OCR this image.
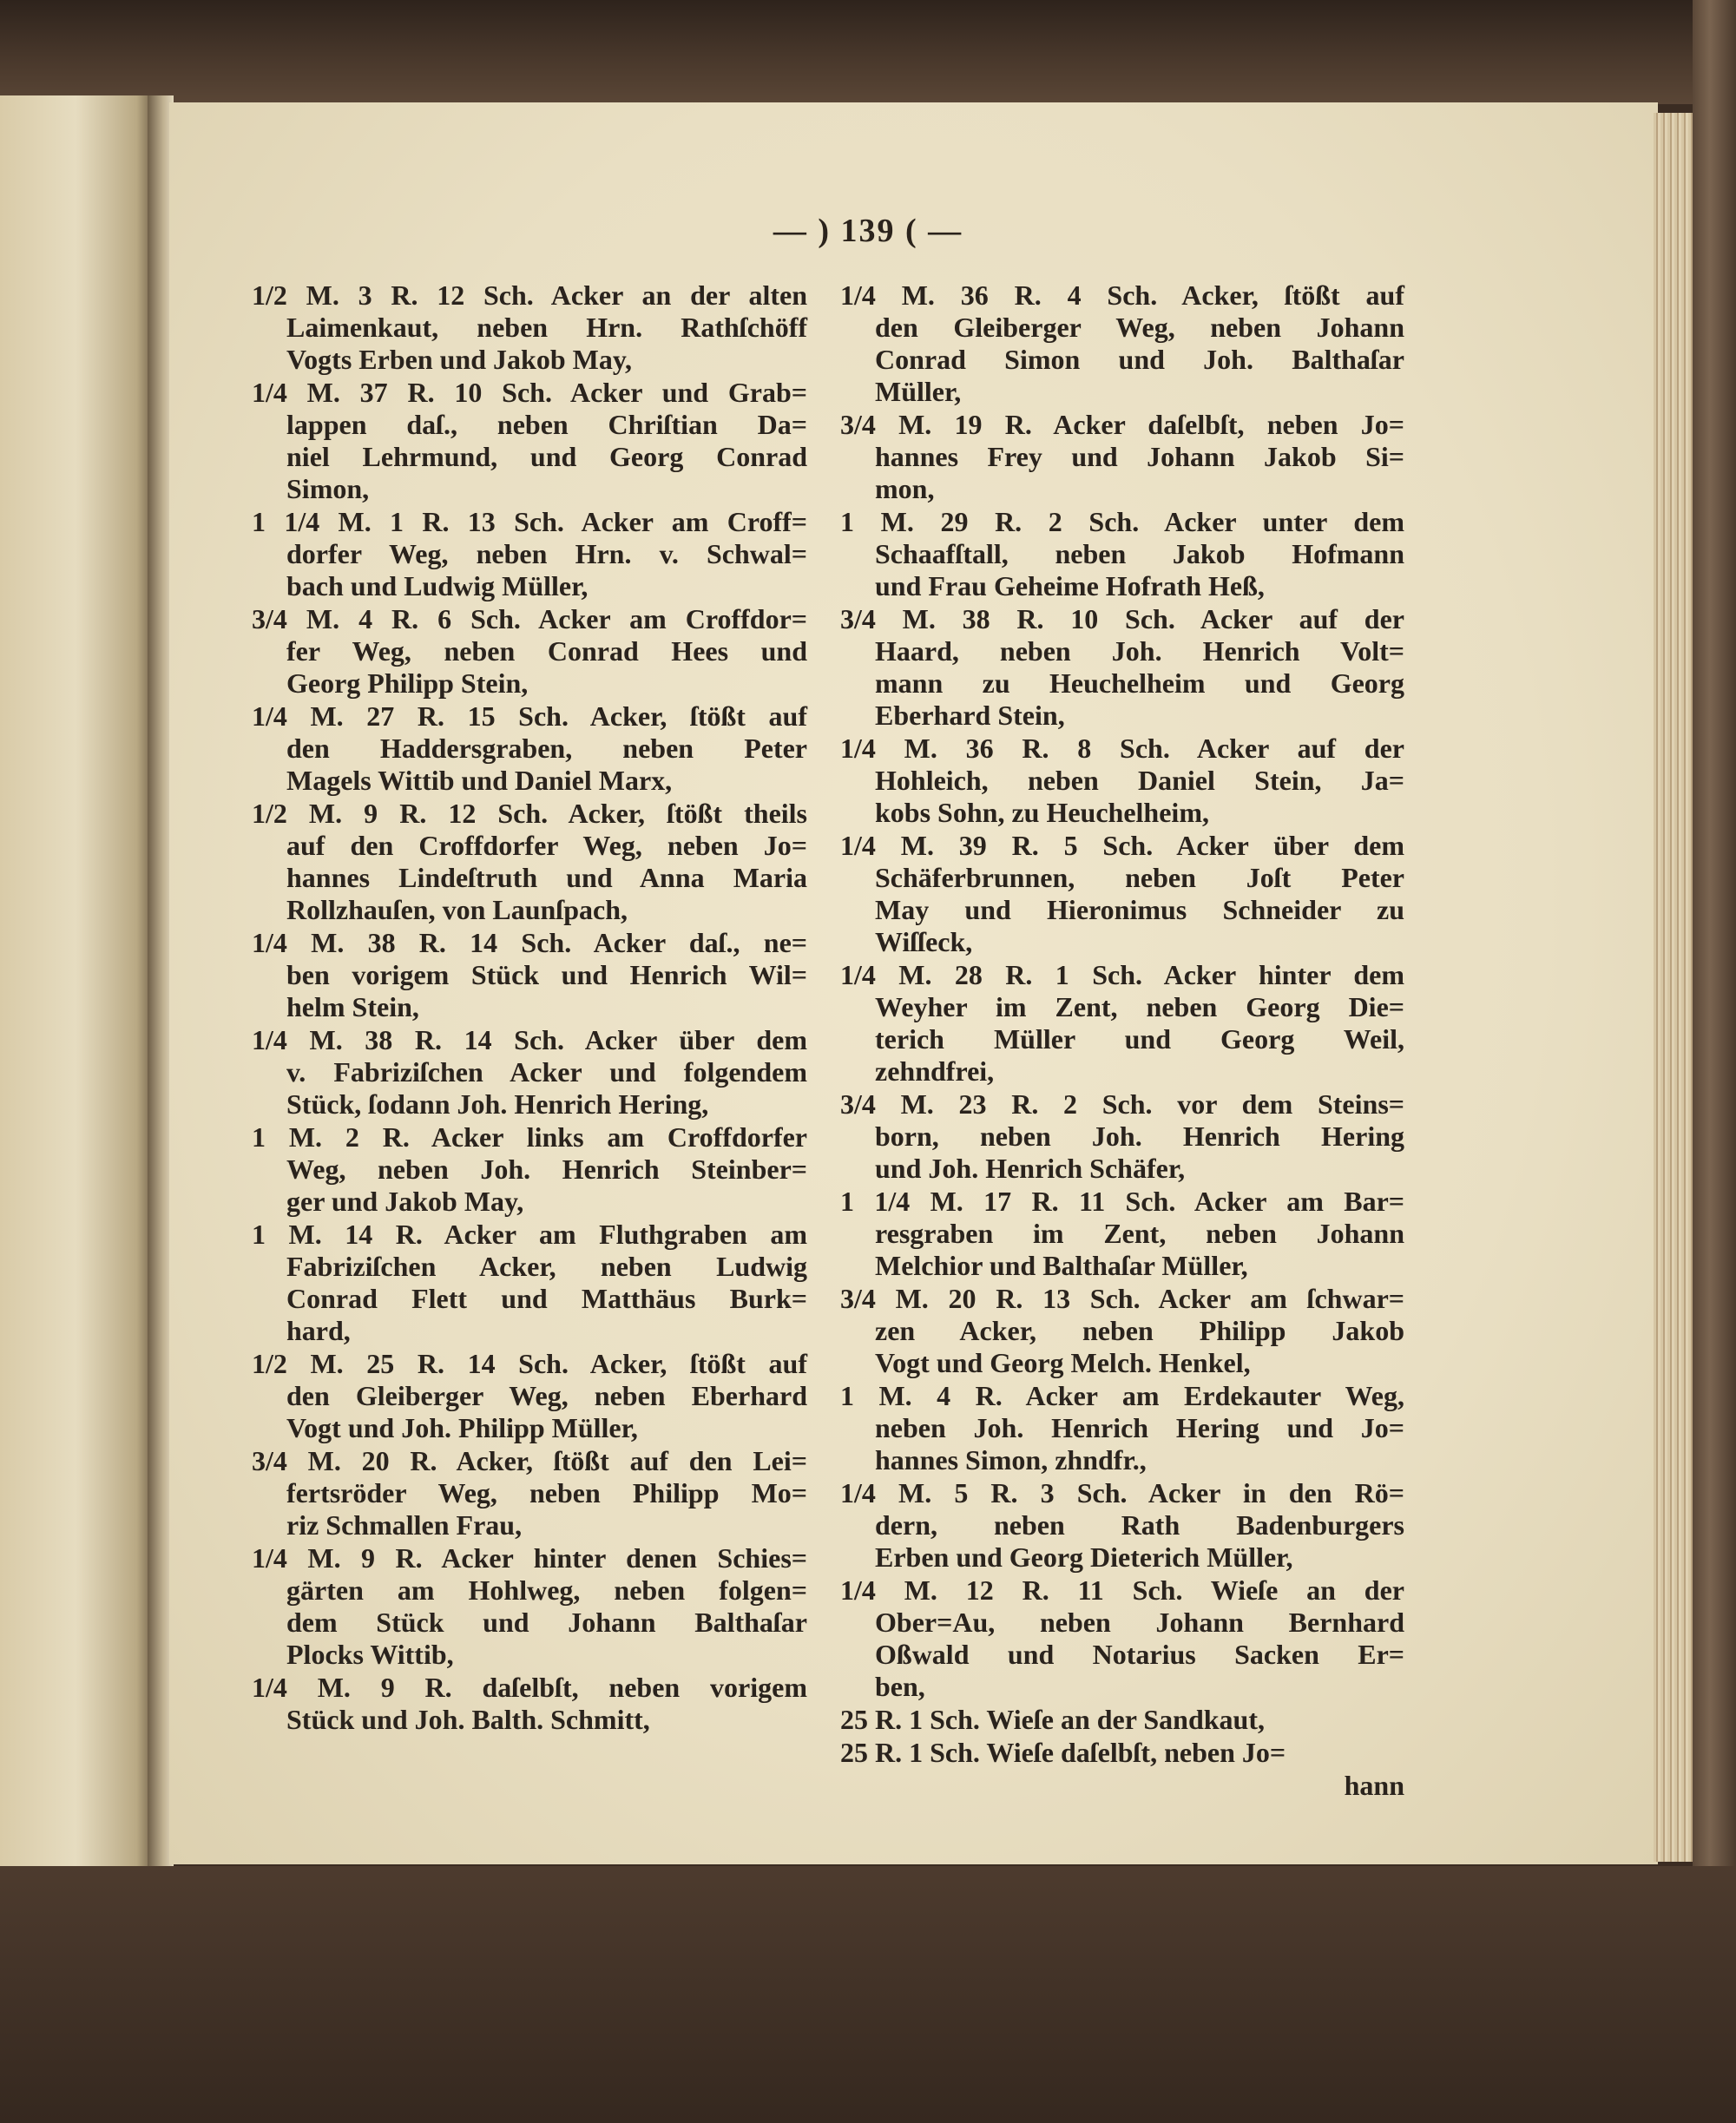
— ) 139 ( —
1/2 M. 3 R. 12 Sch. Acker an der alten
Laimenkaut, neben Hrn. Rathſchöff
Vogts Erben und Jakob May,
1/4 M. 37 R. 10 Sch. Acker und Grab=
lappen daſ., neben Chriſtian Da=
niel Lehrmund, und Georg Conrad
Simon,
1 1/4 M. 1 R. 13 Sch. Acker am Croff=
dorfer Weg, neben Hrn. v. Schwal=
bach und Ludwig Müller,
3/4 M. 4 R. 6 Sch. Acker am Croffdor=
fer Weg, neben Conrad Hees und
Georg Philipp Stein,
1/4 M. 27 R. 15 Sch. Acker, ſtößt auf
den Haddersgraben, neben Peter
Magels Wittib und Daniel Marx,
1/2 M. 9 R. 12 Sch. Acker, ſtößt theils
auf den Croffdorfer Weg, neben Jo=
hannes Lindeſtruth und Anna Maria
Rollzhauſen, von Launſpach,
1/4 M. 38 R. 14 Sch. Acker daſ., ne=
ben vorigem Stück und Henrich Wil=
helm Stein,
1/4 M. 38 R. 14 Sch. Acker über dem
v. Fabriziſchen Acker und folgendem
Stück, ſodann Joh. Henrich Hering,
1 M. 2 R. Acker links am Croffdorfer
Weg, neben Joh. Henrich Steinber=
ger und Jakob May,
1 M. 14 R. Acker am Fluthgraben am
Fabriziſchen Acker, neben Ludwig
Conrad Flett und Matthäus Burk=
hard,
1/2 M. 25 R. 14 Sch. Acker, ſtößt auf
den Gleiberger Weg, neben Eberhard
Vogt und Joh. Philipp Müller,
3/4 M. 20 R. Acker, ſtößt auf den Lei=
fertsröder Weg, neben Philipp Mo=
riz Schmallen Frau,
1/4 M. 9 R. Acker hinter denen Schies=
gärten am Hohlweg, neben folgen=
dem Stück und Johann Balthaſar
Plocks Wittib,
1/4 M. 9 R. daſelbſt, neben vorigem
Stück und Joh. Balth. Schmitt,
1/4 M. 36 R. 4 Sch. Acker, ſtößt auf
den Gleiberger Weg, neben Johann
Conrad Simon und Joh. Balthaſar
Müller,
3/4 M. 19 R. Acker daſelbſt, neben Jo=
hannes Frey und Johann Jakob Si=
mon,
1 M. 29 R. 2 Sch. Acker unter dem
Schaafſtall, neben Jakob Hofmann
und Frau Geheime Hofrath Heß,
3/4 M. 38 R. 10 Sch. Acker auf der
Haard, neben Joh. Henrich Volt=
mann zu Heuchelheim und Georg
Eberhard Stein,
1/4 M. 36 R. 8 Sch. Acker auf der
Hohleich, neben Daniel Stein, Ja=
kobs Sohn, zu Heuchelheim,
1/4 M. 39 R. 5 Sch. Acker über dem
Schäferbrunnen, neben Joſt Peter
May und Hieronimus Schneider zu
Wiſſeck,
1/4 M. 28 R. 1 Sch. Acker hinter dem
Weyher im Zent, neben Georg Die=
terich Müller und Georg Weil,
zehndfrei,
3/4 M. 23 R. 2 Sch. vor dem Steins=
born, neben Joh. Henrich Hering
und Joh. Henrich Schäfer,
1 1/4 M. 17 R. 11 Sch. Acker am Bar=
resgraben im Zent, neben Johann
Melchior und Balthaſar Müller,
3/4 M. 20 R. 13 Sch. Acker am ſchwar=
zen Acker, neben Philipp Jakob
Vogt und Georg Melch. Henkel,
1 M. 4 R. Acker am Erdekauter Weg,
neben Joh. Henrich Hering und Jo=
hannes Simon, zhndfr.,
1/4 M. 5 R. 3 Sch. Acker in den Rö=
dern, neben Rath Badenburgers
Erben und Georg Dieterich Müller,
1/4 M. 12 R. 11 Sch. Wieſe an der
Ober=Au, neben Johann Bernhard
Oßwald und Notarius Sacken Er=
ben,
25 R. 1 Sch. Wieſe an der Sandkaut,
25 R. 1 Sch. Wieſe daſelbſt, neben Jo=
hann
